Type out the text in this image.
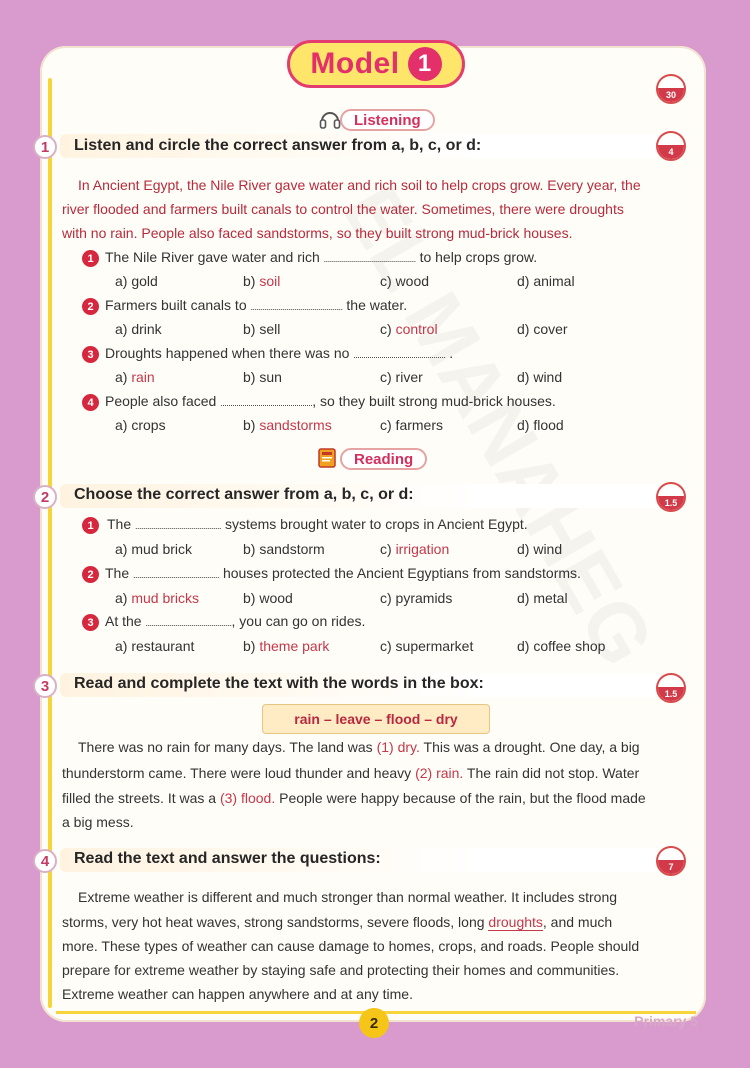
Model 1
30
Listening
1	Listen and circle the correct answer from a, b, c, or d:	4
In Ancient Egypt, the Nile River gave water and rich soil to help crops grow. Every year, the
river flooded and farmers built canals to control the water. Sometimes, there were droughts
with no rain. People also faced sandstorms, so they built strong mud-brick houses.
1 The Nile River gave water and rich .............................................. to help crops grow.
a) gold	b) soil	c) wood	d) animal
2 Farmers built canals to .............................................. the water.
a) drink	b) sell	c) control	d) cover
3 Droughts happened when there was no .............................................. .
a) rain	b) sun	c) river	d) wind
4 People also faced .............................................., so they built strong mud-brick houses.
a) crops	b) sandstorms	c) farmers	d) flood
Reading
2	Choose the correct answer from a, b, c, or d:
1.5
1 The ........................................... systems brought water to crops in Ancient Egypt.
a) mud brick	b) sandstorm	c) irrigation	d) wind
2 The ........................................... houses protected the Ancient Egyptians from sandstorms.
a) mud bricks	b) wood	c) pyramids	d) metal
3 At the ..........................................., you can go on rides.
a) restaurant	b) theme park	c) supermarket	d) coffee shop
3	Read and complete the text with the words in the box:
1.5
rain – leave – flood – dry
There was no rain for many days. The land was (1) dry. This was a drought. One day, a big
thunderstorm came. There were loud thunder and heavy (2) rain. The rain did not stop. Water
filled the streets. It was a (3) flood. People were happy because of the rain, but the flood made
a big mess.
4	Read the text and answer the questions:
7
Extreme weather is different and much stronger than normal weather. It includes strong
storms, very hot heat waves, strong sandstorms, severe floods, long droughts, and much
more. These types of weather can cause damage to homes, crops, and roads. People should
prepare for extreme weather by staying safe and protecting their homes and communities.
Extreme weather can happen anywhere and at any time.
2	Primary 5
